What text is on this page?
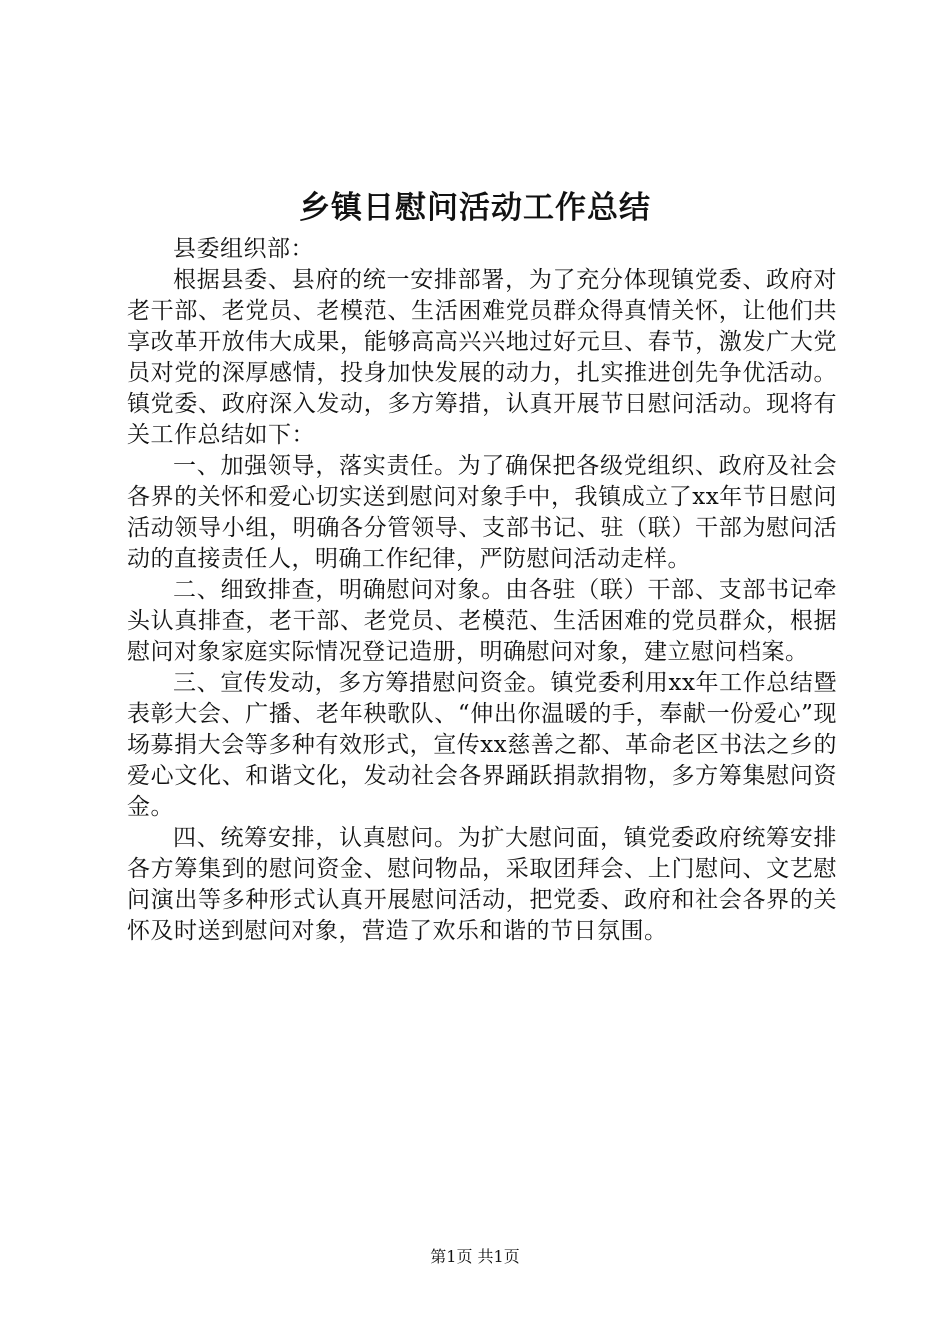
乡镇日慰问活动工作总结

县委组织部：

根据县委、县府的统一安排部署，为了充分体现镇党委、政府对老干部、老党员、老模范、生活困难党员群众得真情关怀，让他们共享改革开放伟大成果，能够高高兴兴地过好元旦、春节，激发广大党员对党的深厚感情，投身加快发展的动力，扎实推进创先争优活动。镇党委、政府深入发动，多方筹措，认真开展节日慰问活动。现将有关工作总结如下：

一、加强领导，落实责任。为了确保把各级党组织、政府及社会各界的关怀和爱心切实送到慰问对象手中，我镇成立了xx年节日慰问活动领导小组，明确各分管领导、支部书记、驻（联）干部为慰问活动的直接责任人，明确工作纪律，严防慰问活动走样。

二、细致排查，明确慰问对象。由各驻（联）干部、支部书记牵头认真排查，老干部、老党员、老模范、生活困难的党员群众，根据慰问对象家庭实际情况登记造册，明确慰问对象，建立慰问档案。

三、宣传发动，多方筹措慰问资金。镇党委利用xx年工作总结暨表彰大会、广播、老年秧歌队、“伸出你温暖的手，奉献一份爱心”现场募捐大会等多种有效形式，宣传xx慈善之都、革命老区书法之乡的爱心文化、和谐文化，发动社会各界踊跃捐款捐物，多方筹集慰问资金。

四、统筹安排，认真慰问。为扩大慰问面，镇党委政府统筹安排各方筹集到的慰问资金、慰问物品，采取团拜会、上门慰问、文艺慰问演出等多种形式认真开展慰问活动，把党委、政府和社会各界的关怀及时送到慰问对象，营造了欢乐和谐的节日氛围。

第1页 共1页
